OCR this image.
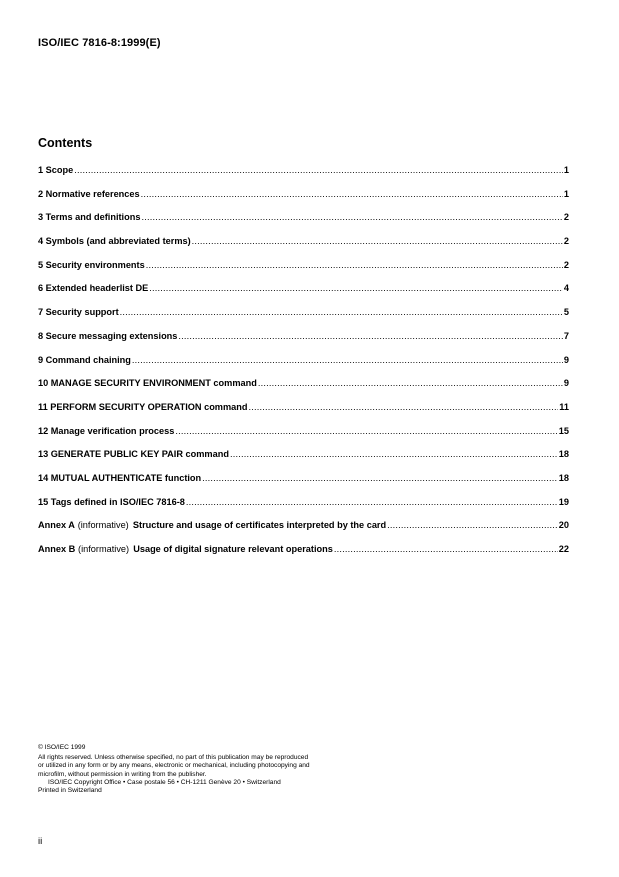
ISO/IEC 7816-8:1999(E)
Contents
1 Scope .....	1
2 Normative references .....	1
3 Terms and definitions .....	2
4 Symbols (and abbreviated terms) .....	2
5 Security environments .....	2
6 Extended headerlist DE .....	4
7 Security support .....	5
8 Secure messaging extensions .....	7
9 Command chaining .....	9
10 MANAGE SECURITY ENVIRONMENT command .....	9
11 PERFORM SECURITY OPERATION command .....	11
12 Manage verification process .....	15
13 GENERATE PUBLIC KEY PAIR command .....	18
14 MUTUAL AUTHENTICATE function .....	18
15 Tags defined in ISO/IEC 7816-8 .....	19
Annex A (informative) Structure and usage of certificates interpreted by the card .....	20
Annex B (informative) Usage of digital signature relevant operations .....	22

© ISO/IEC 1999

All rights reserved. Unless otherwise specified, no part of this publication may be reproduced

or utilized in any form or by any means, electronic or mechanical, including photocopying and

microfilm, without permission in writing from the publisher.

ISO/IEC Copyright Office • Case postale 56 • CH-1211 Genève 20 • Switzerland

Printed in Switzerland

ii
